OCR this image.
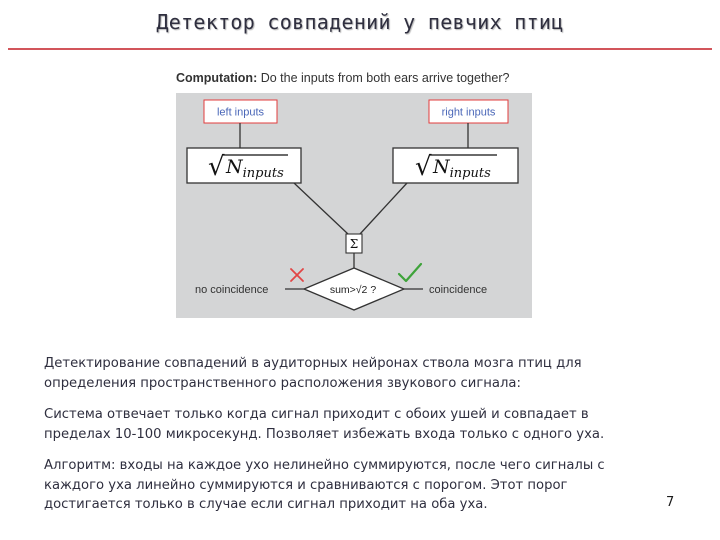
Детектор совпадений у певчих птиц
Computation: Do the inputs from both ears arrive together?
left inputs	right inputs
√ $N_{inputs}$	√ $N_{inputs}$
Σ
sum>√2 ?
no coincidence	coincidence

Детектирование совпадений в аудиторных нейронах ствола мозга птиц для
определения пространственного расположения звукового сигнала:

Система отвечает только когда сигнал приходит с обоих ушей и совпадает в
пределах 10-100 микросекунд. Позволяет избежать входа только с одного уха.

Алгоритм: входы на каждое ухо нелинейно суммируются, после чего сигналы с
каждого уха линейно суммируются и сравниваются с порогом. Этот порог
достигается только в случае если сигнал приходит на оба уха.	7
